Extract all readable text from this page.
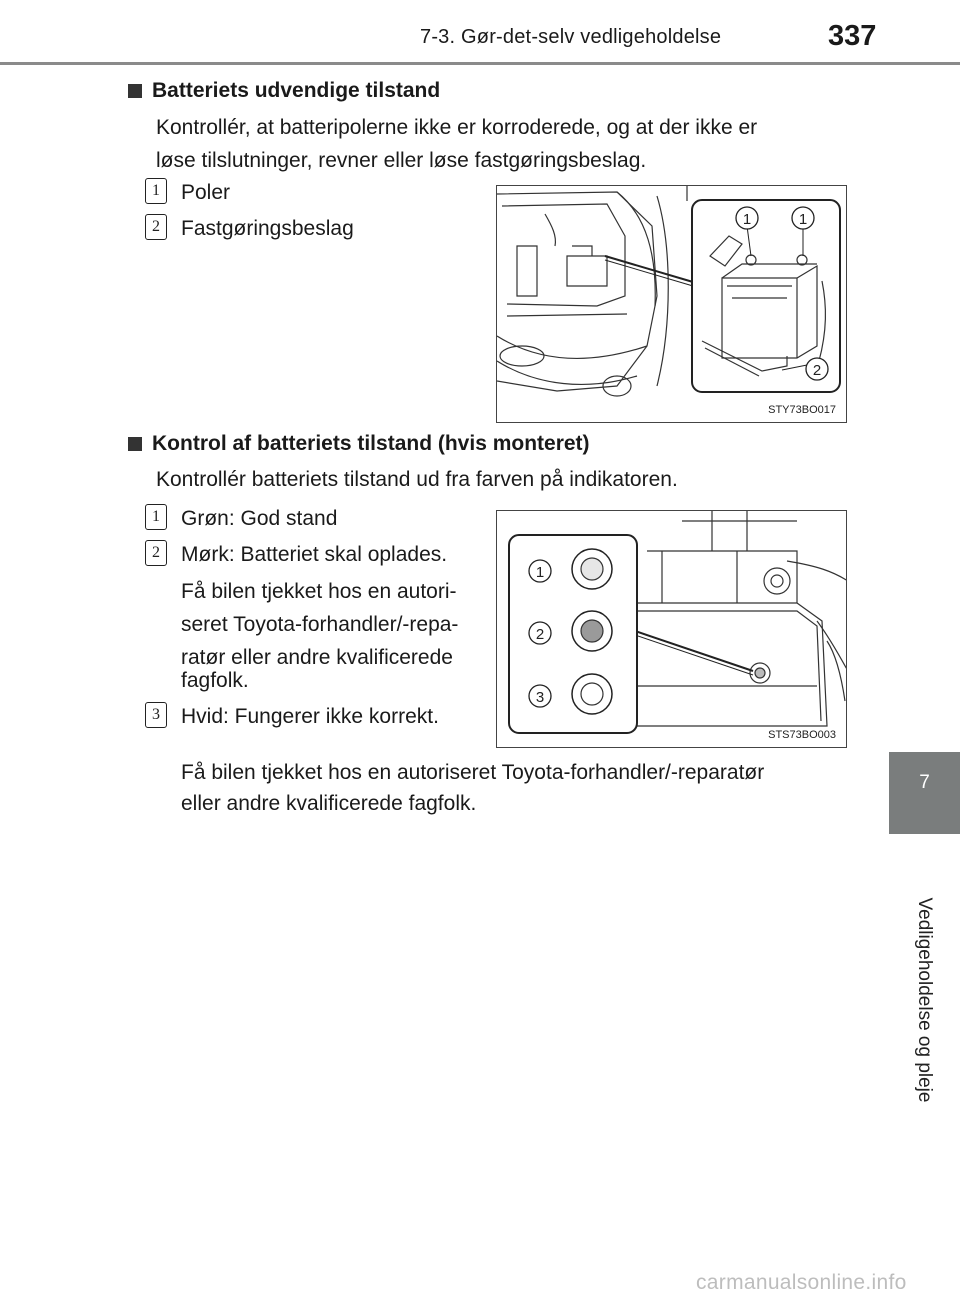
7-3. Gør-det-selv vedligeholdelse	337
7
Vedligeholdelse og pleje
Batteriets udvendige tilstand
Kontrollér, at batteripolerne ikke er korroderede, og at der ikke er
løse tilslutninger, revner eller løse fastgøringsbeslag.
1	Poler
2	Fastgøringsbeslag	1	1
2
STY73BO017
Kontrol af batteriets tilstand (hvis monteret)
Kontrollér batteriets tilstand ud fra farven på indikatoren.
1	Grøn: God stand
2	Mørk: Batteriet skal oplades.
Få bilen tjekket hos en autori-
seret Toyota-forhandler/-repa-
ratør eller andre kvalificerede
fagfolk.
3	Hvid: Fungerer ikke korrekt.
Få bilen tjekket hos en autoriseret Toyota-forhandler/-reparatør
eller andre kvalificerede fagfolk.
1
2
3
STS73BO003
carmanualsonline.info
